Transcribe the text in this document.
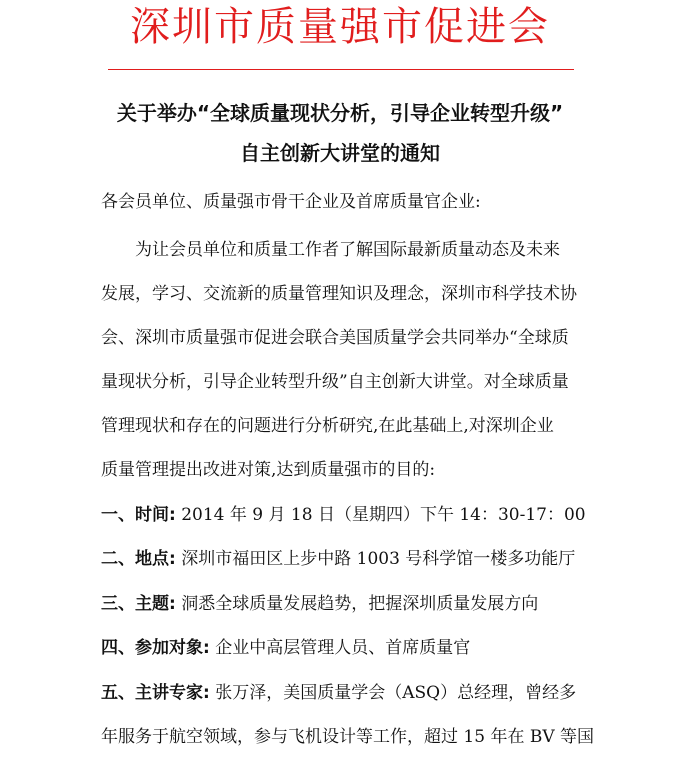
深圳市质量强市促进会
关于举办“全球质量现状分析，引导企业转型升级”
自主创新大讲堂的通知
各会员单位、质量强市骨干企业及首席质量官企业:
为让会员单位和质量工作者了解国际最新质量动态及未来
发展，学习、交流新的质量管理知识及理念，深圳市科学技术协
会、深圳市质量强市促进会联合美国质量学会共同举办“全球质
量现状分析，引导企业转型升级”自主创新大讲堂。对全球质量
管理现状和存在的问题进行分析研究,在此基础上,对深圳企业
质量管理提出改进对策,达到质量强市的目的:
一、时间: 2014 年 9 月 18 日（星期四）下午 14：30-17：00
二、地点: 深圳市福田区上步中路 1003 号科学馆一楼多功能厅
三、主题: 洞悉全球质量发展趋势，把握深圳质量发展方向
四、参加对象: 企业中高层管理人员、首席质量官
五、主讲专家: 张万泽，美国质量学会（ASQ）总经理，曾经多
年服务于航空领域，参与飞机设计等工作，超过 15 年在 BV 等国
